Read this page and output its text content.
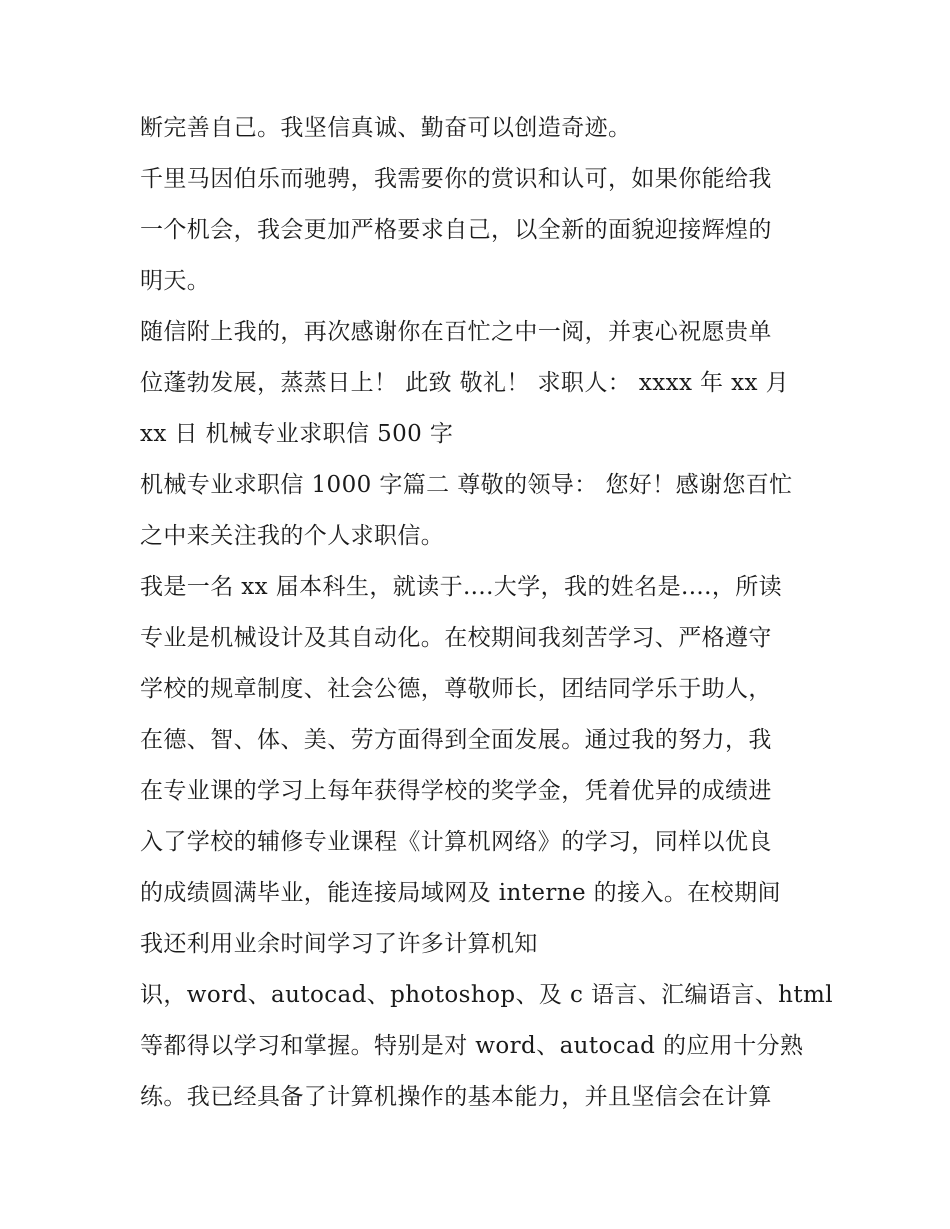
断完善自己。我坚信真诚、勤奋可以创造奇迹。
千里马因伯乐而驰骋，我需要你的赏识和认可，如果你能给我
一个机会，我会更加严格要求自己，以全新的面貌迎接辉煌的
明天。
随信附上我的，再次感谢你在百忙之中一阅，并衷心祝愿贵单
位蓬勃发展，蒸蒸日上！ 此致 敬礼！ 求职人： xxxx 年 xx 月
xx 日 机械专业求职信 500 字
机械专业求职信 1000 字篇二 尊敬的领导： 您好！感谢您百忙
之中来关注我的个人求职信。
我是一名 xx 届本科生，就读于....大学，我的姓名是....，所读
专业是机械设计及其自动化。在校期间我刻苦学习、严格遵守
学校的规章制度、社会公德，尊敬师长，团结同学乐于助人，
在德、智、体、美、劳方面得到全面发展。通过我的努力，我
在专业课的学习上每年获得学校的奖学金，凭着优异的成绩进
入了学校的辅修专业课程《计算机网络》的学习，同样以优良
的成绩圆满毕业，能连接局域网及 interne 的接入。在校期间
我还利用业余时间学习了许多计算机知
识，word、autocad、photoshop、及 c 语言、汇编语言、html
等都得以学习和掌握。特别是对 word、autocad 的应用十分熟
练。我已经具备了计算机操作的基本能力，并且坚信会在计算
